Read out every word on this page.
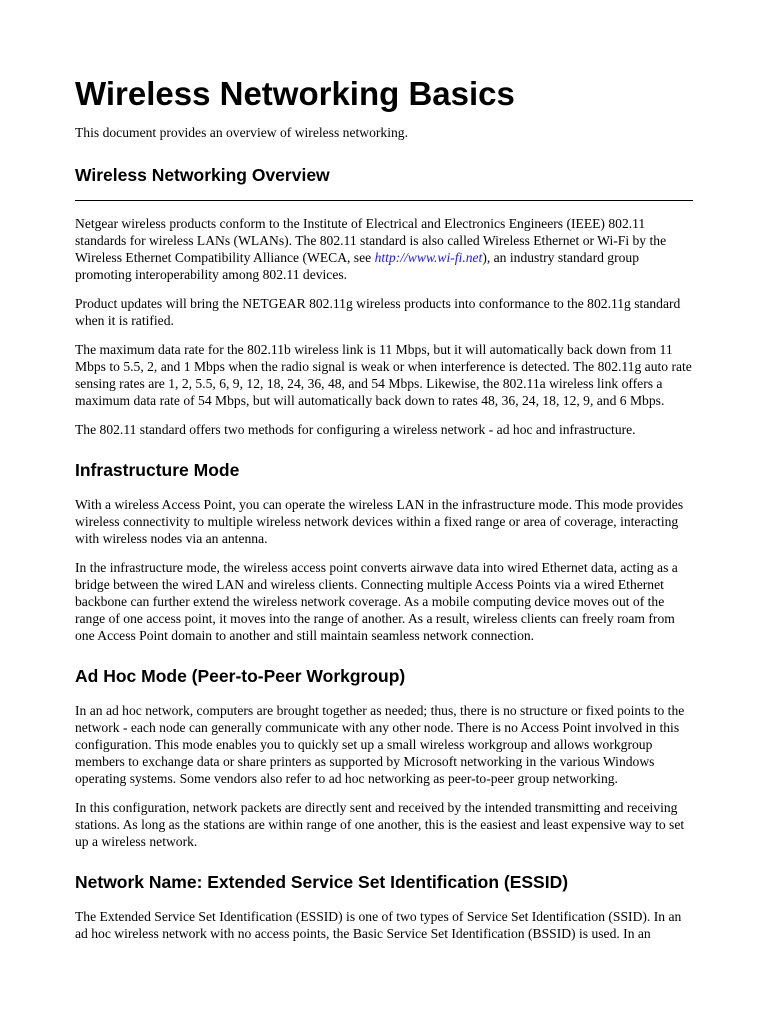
Wireless Networking Basics

This document provides an overview of wireless networking.

Wireless Networking Overview

Netgear wireless products conform to the Institute of Electrical and Electronics Engineers (IEEE) 802.11 standards for wireless LANs (WLANs). The 802.11 standard is also called Wireless Ethernet or Wi-Fi by the Wireless Ethernet Compatibility Alliance (WECA, see http://www.wi-fi.net), an industry standard group promoting interoperability among 802.11 devices.

Product updates will bring the NETGEAR 802.11g wireless products into conformance to the 802.11g standard when it is ratified.

The maximum data rate for the 802.11b wireless link is 11 Mbps, but it will automatically back down from 11 Mbps to 5.5, 2, and 1 Mbps when the radio signal is weak or when interference is detected. The 802.11g auto rate sensing rates are 1, 2, 5.5, 6, 9, 12, 18, 24, 36, 48, and 54 Mbps. Likewise, the 802.11a wireless link offers a maximum data rate of 54 Mbps, but will automatically back down to rates 48, 36, 24, 18, 12, 9, and 6 Mbps.

The 802.11 standard offers two methods for configuring a wireless network - ad hoc and infrastructure.

Infrastructure Mode

With a wireless Access Point, you can operate the wireless LAN in the infrastructure mode. This mode provides wireless connectivity to multiple wireless network devices within a fixed range or area of coverage, interacting with wireless nodes via an antenna.

In the infrastructure mode, the wireless access point converts airwave data into wired Ethernet data, acting as a bridge between the wired LAN and wireless clients. Connecting multiple Access Points via a wired Ethernet backbone can further extend the wireless network coverage. As a mobile computing device moves out of the range of one access point, it moves into the range of another. As a result, wireless clients can freely roam from one Access Point domain to another and still maintain seamless network connection.

Ad Hoc Mode (Peer-to-Peer Workgroup)

In an ad hoc network, computers are brought together as needed; thus, there is no structure or fixed points to the network - each node can generally communicate with any other node. There is no Access Point involved in this configuration. This mode enables you to quickly set up a small wireless workgroup and allows workgroup members to exchange data or share printers as supported by Microsoft networking in the various Windows operating systems. Some vendors also refer to ad hoc networking as peer-to-peer group networking.

In this configuration, network packets are directly sent and received by the intended transmitting and receiving stations. As long as the stations are within range of one another, this is the easiest and least expensive way to set up a wireless network.

Network Name: Extended Service Set Identification (ESSID)

The Extended Service Set Identification (ESSID) is one of two types of Service Set Identification (SSID). In an ad hoc wireless network with no access points, the Basic Service Set Identification (BSSID) is used. In an
